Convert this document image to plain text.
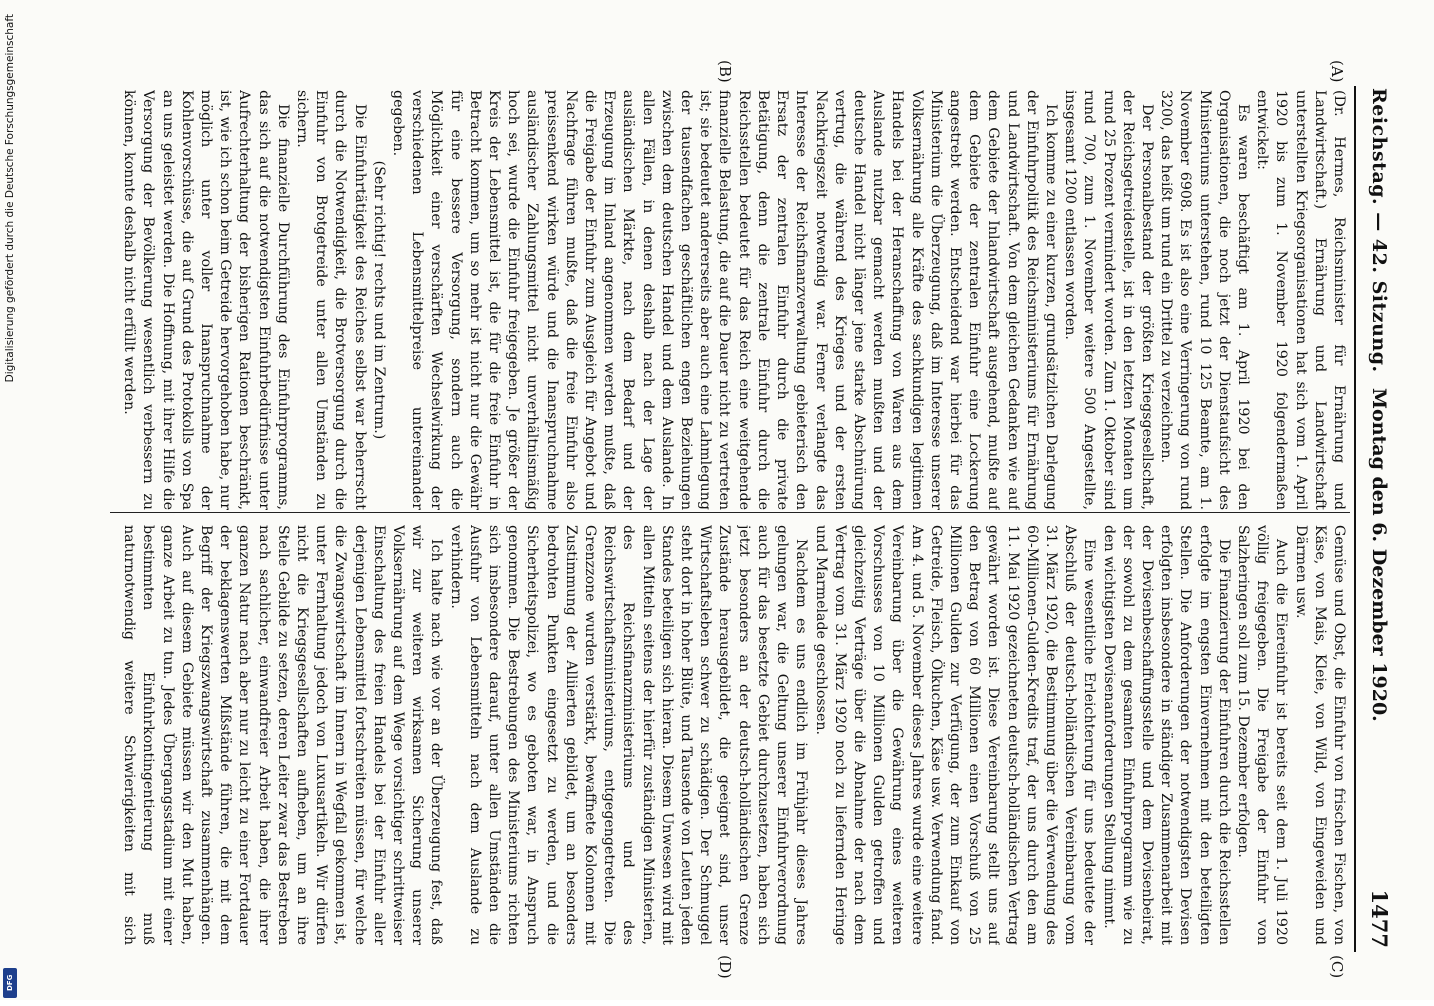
Reichstag. — 42. Sitzung.
Montag den 6. Dezember 1920.
1477
(A)
(B)
(C)
(D)

(Dr. Hermes, Reichsminister für Ernährung und Landwirtschaft.) Ernährung und Landwirtschaft unterstellten Kriegsorganisationen hat sich vom 1. April 1920 bis zum 1. November 1920 folgendermaßen entwickelt:

Es waren beschäftigt am 1. April 1920 bei den Organisationen, die noch jetzt der Dienstaufsicht des Ministeriums unterstehen, rund 10 125 Beamte, am 1. November 6908. Es ist also eine Verringerung von rund 3200, das heißt um rund ein Drittel zu verzeichnen.

Der Personalbestand der größten Kriegsgesellschaft, der Reichsgetreidestelle, ist in den letzten Monaten um rund 25 Prozent vermindert worden. Zum 1. Oktober sind rund 700, zum 1. November weitere 500 Angestellte, insgesamt 1200 entlassen worden.

Ich komme zu einer kurzen, grundsätzlichen Darlegung der Einfuhrpolitik des Reichsministeriums für Ernährung und Landwirtschaft. Von dem gleichen Gedanken wie auf dem Gebiete der Inlandwirtschaft ausgehend, mußte auf dem Gebiete der zentralen Einfuhr eine Lockerung angestrebt werden. Entscheidend war hierbei für das Ministerium die Überzeugung, daß im Interesse unserer Volksernährung alle Kräfte des sachkundigen legitimen Handels bei der Heranschaffung von Waren aus dem Auslande nutzbar gemacht werden mußten und der deutsche Handel nicht länger jene starke Abschnürung vertrug, die während des Krieges und der ersten Nachkriegszeit notwendig war. Ferner verlangte das Interesse der Reichsfinanzverwaltung gebieterisch den Ersatz der zentralen Einfuhr durch die private Betätigung, denn die zentrale Einfuhr durch die Reichsstellen bedeutet für das Reich eine weitgehende finanzielle Belastung, die auf die Dauer nicht zu vertreten ist; sie bedeutet andererseits aber auch eine Lahmlegung der tausendfachen geschäftlichen engen Beziehungen zwischen dem deutschen Handel und dem Auslande. In allen Fällen, in denen deshalb nach der Lage der ausländischen Märkte, nach dem Bedarf und der Erzeugung im Inland angenommen werden mußte, daß die Freigabe der Einfuhr zum Ausgleich für Angebot und Nachfrage führen mußte, daß die freie Einfuhr also preissenkend wirken würde und die Inanspruchnahme ausländischer Zahlungsmittel nicht unverhältnismäßig hoch sei, wurde die Einfuhr freigegeben. Je größer der Kreis der Lebensmittel ist, die für die freie Einfuhr in Betracht kommen, um so mehr ist nicht nur die Gewähr für eine bessere Versorgung, sondern auch die Möglichkeit einer verschärften Wechselwirkung der verschiedenen Lebensmittelpreise untereinander gegeben.

(Sehr richtig! rechts und im Zentrum.)

Die Einfuhrtätigkeit des Reiches selbst war beherrscht durch die Notwendigkeit, die Brotversorgung durch die Einfuhr von Brotgetreide unter allen Umständen zu sichern.

Die finanzielle Durchführung des Einfuhrprogramms, das sich auf die notwendigsten Einfuhrbedürfnisse unter Aufrechterhaltung der bisherigen Rationen beschränkt, ist, wie ich schon beim Getreide hervorgehoben habe, nur möglich unter voller Inanspruchnahme der Kohlenvorschüsse, die auf Grund des Protokolls von Spa an uns geleistet werden. Die Hoffnung, mit ihrer Hilfe die Versorgung der Bevölkerung wesentlich verbessern zu können, konnte deshalb nicht erfüllt werden.

Gemüse und Obst, die Einfuhr von frischen Fischen, von Käse, von Mais, Kleie, von Wild, von Eingeweiden und Därmen usw.

Auch die Eiereinfuhr ist bereits seit dem 1. Juli 1920 völlig freigegeben. Die Freigabe der Einfuhr von Salzheringen soll zum 15. Dezember erfolgen.

Die Finanzierung der Einfuhren durch die Reichsstellen erfolgte im engsten Einvernehmen mit den beteiligten Stellen. Die Anforderungen der notwendigsten Devisen erfolgten insbesondere in ständiger Zusammenarbeit mit der Devisenbeschaffungsstelle und dem Devisenbeirat, der sowohl zu dem gesamten Einfuhrprogramm wie zu den wichtigsten Devisenanforderungen Stellung nimmt.

Eine wesentliche Erleichterung für uns bedeutete der Abschluß der deutsch-holländischen Vereinbarung vom 31. März 1920, die Bestimmung über die Verwendung des 60-Millionen-Gulden-Kredits traf, der uns durch den am 11. Mai 1920 gezeichneten deutsch-holländischen Vertrag gewährt worden ist. Diese Vereinbarung stellt uns auf den Betrag von 60 Millionen einen Vorschuß von 25 Millionen Gulden zur Verfügung, der zum Einkauf von Getreide, Fleisch, Ölkuchen, Käse usw. Verwendung fand. Am 4. und 5. November dieses Jahres wurde eine weitere Vereinbarung über die Gewährung eines weiteren Vorschusses von 10 Millionen Gulden getroffen und gleichzeitig Verträge über die Abnahme der nach dem Vertrag vom 31. März 1920 noch zu liefernden Heringe und Marmelade geschlossen.

Nachdem es uns endlich im Frühjahr dieses Jahres gelungen war, die Geltung unserer Einfuhrverordnung auch für das besetzte Gebiet durchzusetzen, haben sich jetzt besonders an der deutsch-holländischen Grenze Zustände herausgebildet, die geeignet sind, unser Wirtschaftsleben schwer zu schädigen. Der Schmuggel steht dort in hoher Blüte, und Tausende von Leuten jeden Standes beteiligen sich hieran. Diesem Unwesen wird mit allen Mitteln seitens der hierfür zuständigen Ministerien, des Reichsfinanzministeriums und des Reichswirtschaftsministeriums, entgegengetreten. Die Grenzzone wurden verstärkt, bewaffnete Kolonnen mit Zustimmung der Alliierten gebildet, um an besonders bedrohten Punkten eingesetzt zu werden, und die Sicherheitspolizei, wo es geboten war, in Anspruch genommen. Die Bestrebungen des Ministeriums richten sich insbesondere darauf, unter allen Umständen die Ausfuhr von Lebensmitteln nach dem Auslande zu verhindern.

Ich halte nach wie vor an der Überzeugung fest, daß wir zur weiteren wirksamen Sicherung unserer Volksernährung auf dem Wege vorsichtiger schrittweiser Einschaltung des freien Handels bei der Einfuhr aller derjenigen Lebensmittel fortschreiten müssen, für welche die Zwangswirtschaft im Innern in Wegfall gekommen ist, unter Fernhaltung jedoch von Luxusartikeln. Wir dürfen nicht die Kriegsgesellschaften aufheben, um an ihre Stelle Gebilde zu setzen, deren Leiter zwar das Bestreben nach sachlicher, einwandfreier Arbeit haben, die ihrer ganzen Natur nach aber nur zu leicht zu einer Fortdauer der beklagenswerten Mißstände führen, die mit dem Begriff der Kriegszwangswirtschaft zusammenhängen. Auch auf diesem Gebiete müssen wir den Mut haben, ganze Arbeit zu tun. Jedes Übergangsstadium mit einer bestimmten Einfuhrkontingentierung muß naturnotwendig weitere Schwierigkeiten mit sich

Digitalisierung gefördert durch die Deutsche Forschungsgemeinschaft
DFG
